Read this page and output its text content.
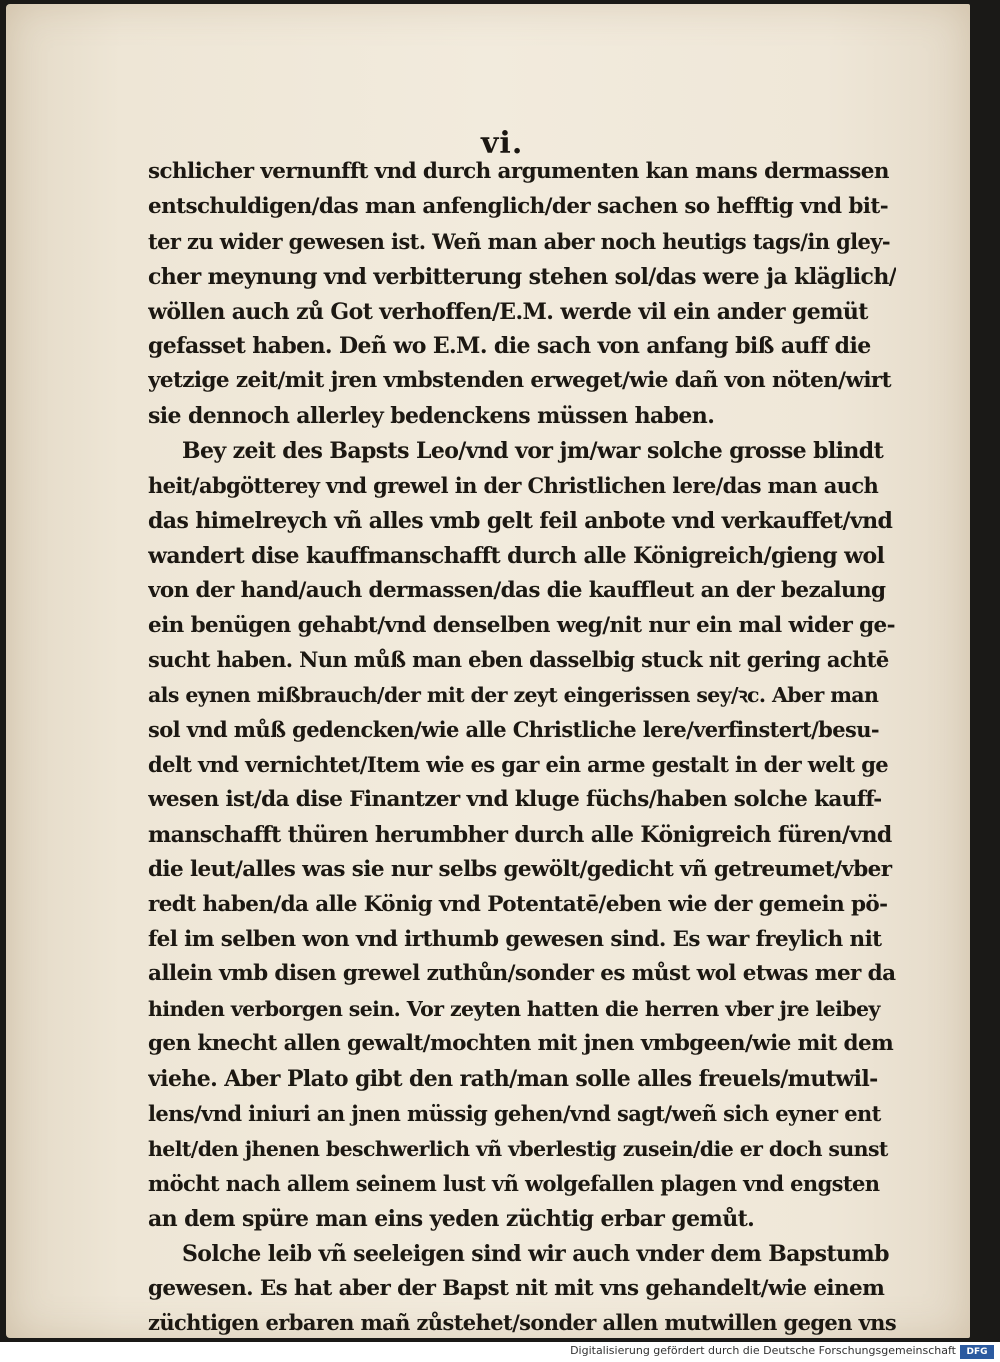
vi.
schlicher vernunfft vnd durch argumenten kan mans dermassen
entschuldigen/das man anfenglich/der sachen so hefftig vnd bit-
ter zu wider gewesen ist. Weñ man aber noch heutigs tags/in gley-
cher meynung vnd verbitterung stehen sol/das were ja kläglich/
wöllen auch zů Got verhoffen/E.M. werde vil ein ander gemüt
gefasset haben. Deñ wo E.M. die sach von anfang biß auff die
yetzige zeit/mit jren vmbstenden erweget/wie dañ von nöten/wirt
sie dennoch allerley bedenckens müssen haben.
Bey zeit des Bapsts Leo/vnd vor jm/war solche grosse blindt
heit/abgötterey vnd grewel in der Christlichen lere/das man auch
das himelreych vñ alles vmb gelt feil anbote vnd verkauffet/vnd
wandert dise kauffmanschafft durch alle Königreich/gieng wol
von der hand/auch dermassen/das die kauffleut an der bezalung
ein benügen gehabt/vnd denselben weg/nit nur ein mal wider ge-
sucht haben. Nun můß man eben dasselbig stuck nit gering achtē
als eynen mißbrauch/der mit der zeyt eingerissen sey/ꝛc. Aber man
sol vnd můß gedencken/wie alle Christliche lere/verfinstert/besu-
delt vnd vernichtet/Item wie es gar ein arme gestalt in der welt ge
wesen ist/da dise Finantzer vnd kluge füchs/haben solche kauff-
manschafft thüren herumbher durch alle Königreich füren/vnd
die leut/alles was sie nur selbs gewölt/gedicht vñ getreumet/vber
redt haben/da alle König vnd Potentatē/eben wie der gemein pö-
fel im selben won vnd irthumb gewesen sind. Es war freylich nit
allein vmb disen grewel zuthůn/sonder es můst wol etwas mer da
hinden verborgen sein. Vor zeyten hatten die herren vber jre leibey
gen knecht allen gewalt/mochten mit jnen vmbgeen/wie mit dem
viehe. Aber Plato gibt den rath/man solle alles freuels/mutwil-
lens/vnd iniuri an jnen müssig gehen/vnd sagt/weñ sich eyner ent
helt/den jhenen beschwerlich vñ vberlestig zusein/die er doch sunst
möcht nach allem seinem lust vñ wolgefallen plagen vnd engsten
an dem spüre man eins yeden züchtig erbar gemůt.
Solche leib vñ seeleigen sind wir auch vnder dem Bapstumb
gewesen. Es hat aber der Bapst nit mit vns gehandelt/wie einem
züchtigen erbaren mañ zůstehet/sonder allen mutwillen gegen vns
Digitalisierung gefördert durch die Deutsche Forschungsgemeinschaft	DFG
